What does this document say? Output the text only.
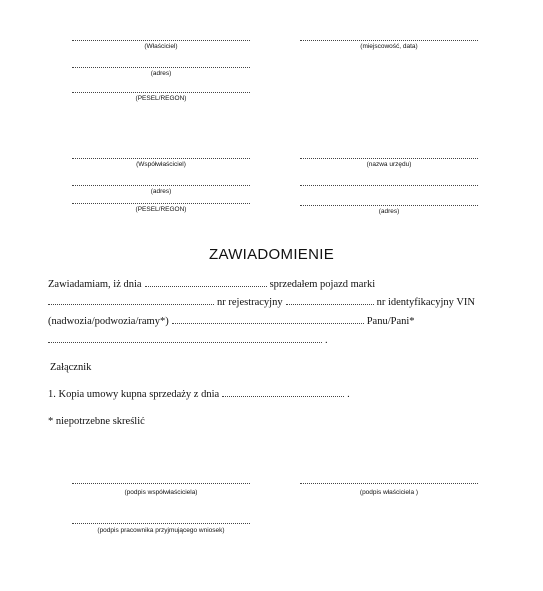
(Właściciel)
(adres)
(PESEL/REGON)
(miejscowość, data)
(Współwłaściciel)
(adres)
(PESEL/REGON)
(nazwa urzędu)
(adres)
ZAWIADOMIENIE
Zawiadamiam, iż dnia	sprzedałem pojazd marki
nr rejestracyjny	nr identyfikacyjny VIN
(nadwozia/podwozia/ramy*)	Panu/Pani*
.
Załącznik
1. Kopia umowy kupna sprzedaży z dnia	.
* niepotrzebne skreślić
(podpis współwłaściciela)	(podpis właściciela )
(podpis pracownika przyjmującego wniosek)
